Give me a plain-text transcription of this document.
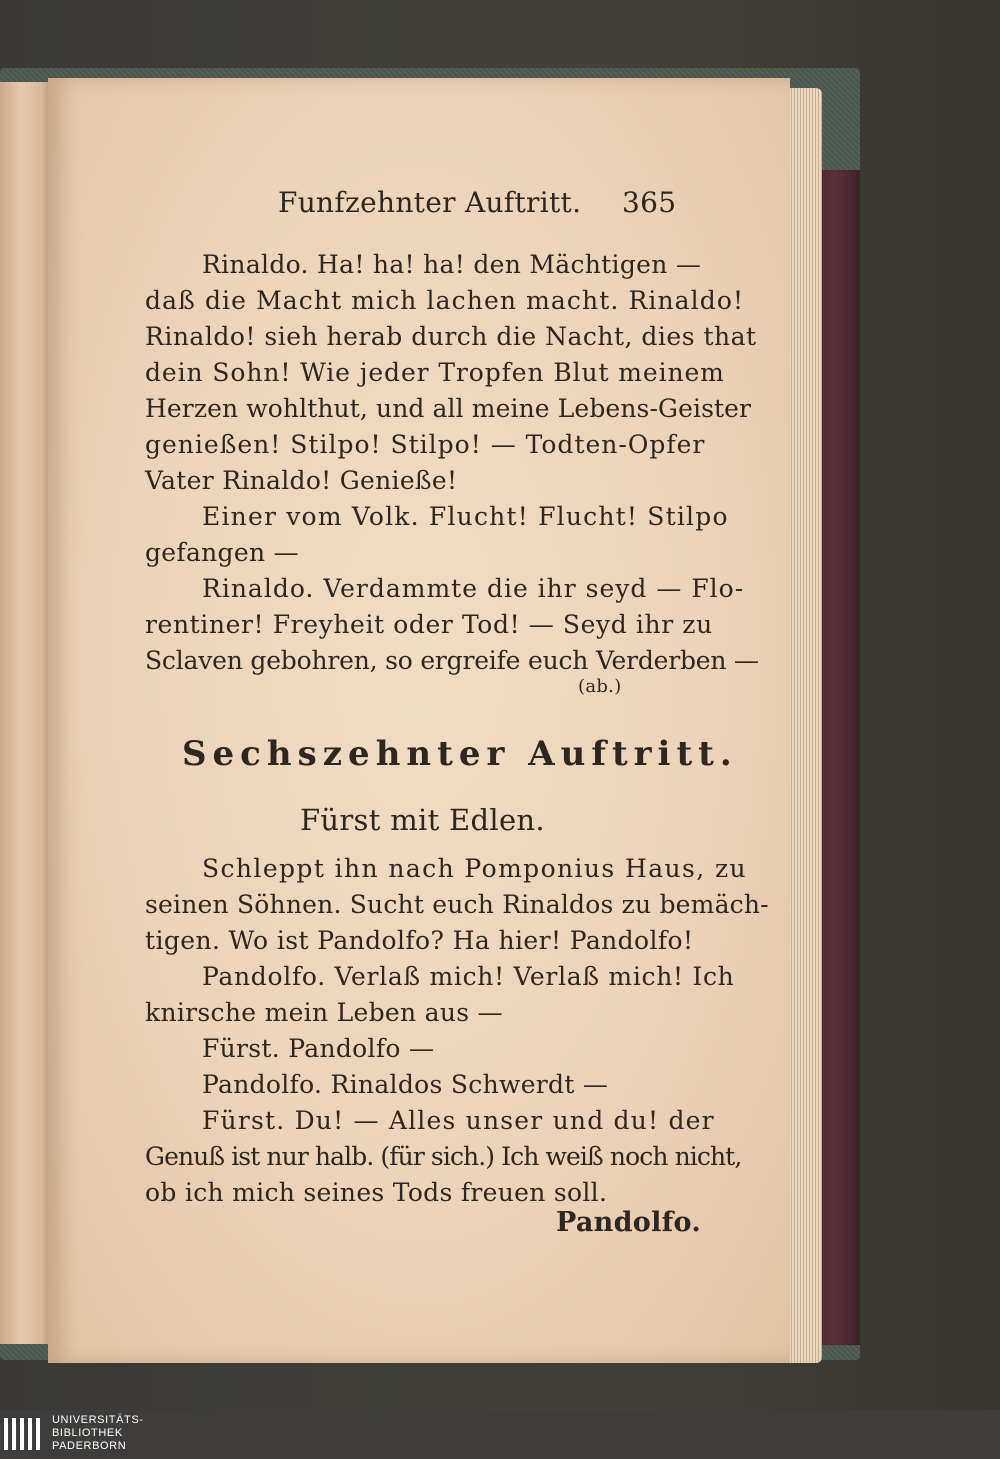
Funfzehnter Auftritt. 365

Rinaldo. Ha! ha! ha! den Mächtigen —

daß die Macht mich lachen macht. Rinaldo!

Rinaldo! sieh herab durch die Nacht, dies that

dein Sohn! Wie jeder Tropfen Blut meinem

Herzen wohlthut, und all meine Lebens-Geister

genießen! Stilpo! Stilpo! — Todten-Opfer

Vater Rinaldo! Genieße!

Einer vom Volk. Flucht! Flucht! Stilpo

gefangen —

Rinaldo. Verdammte die ihr seyd — Flo-

rentiner! Freyheit oder Tod! — Seyd ihr zu

Sclaven gebohren, so ergreife euch Verderben —

(ab.)

Sechszehnter Auftritt.

Fürst mit Edlen.

Schleppt ihn nach Pomponius Haus, zu

seinen Söhnen. Sucht euch Rinaldos zu bemäch-

tigen. Wo ist Pandolfo? Ha hier! Pandolfo!

Pandolfo. Verlaß mich! Verlaß mich! Ich

knirsche mein Leben aus —

Fürst. Pandolfo —

Pandolfo. Rinaldos Schwerdt —

Fürst. Du! — Alles unser und du! der

Genuß ist nur halb. (für sich.) Ich weiß noch nicht,

ob ich mich seines Tods freuen soll.

Pandolfo.

UNIVERSITÄTS-
BIBLIOTHEK
PADERBORN
